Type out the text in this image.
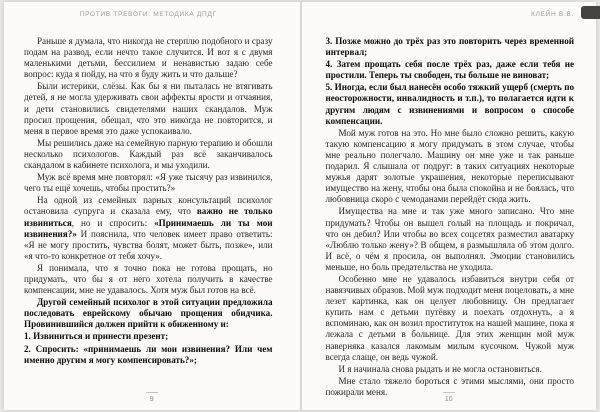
ПРОТИВ ТРЕВОГИ: МЕТОДИКА ДПДГ

Раньше я думала, что никогда не стерплю подобного и сразу подам на развод, если нечто такое случится. И вот я с двумя маленькими детьми, бессилием и ненавистью задаю себе вопрос: куда я пойду, на что я буду жить и что дальше?

Были истерики, слёзы. Как бы я ни пыталась не втягивать детей, я не могла удерживать свои аффекты ярости и отчаяния, и дети становились свидетелями наших скандалов. Муж просил прощения, обещал, что это никогда не повторится, и меня в первое время это даже успокаивало.

Мы решились даже на семейную парную терапию и обошли несколько психологов. Каждый раз всё заканчивалось скандалом в кабинете психолога, и мы уходили.

Муж всё время мне повторял: «Я уже тысячу раз извинился, чего ты ещё хочешь, чтобы простить?»

На одной из семейных парных консультаций психолог остановила супруга и сказала ему, что важно не только извиниться, но и спросить: «Принимаешь ли ты мои извинения?» И пояснила, что человек имеет право ответить: «Я не могу простить, чувства болят, может быть, позже», или «я что-то конкретное от тебя хочу».

Я понимала, что я точно пока не готова прощать, но придумать, что бы я от него хотела получить в качестве компенсации, мне не удавалось. Хотя муж был готов на всё.

Другой семейный психолог в этой ситуации предложила последовать еврейскому обычаю прощения обидчика. Провинившийся должен прийти к обиженному и:

1. Извиниться и принести презент;

2. Спросить: «принимаешь ли мои извинения? Или чем именно другим я могу компенсировать?»;

9
КЛЕЙН В.В.

3. Позже можно до трёх раз это повторить через временной интервал;

4. Затем прощать себя после трёх раз, даже если тебя не простили. Теперь ты свободен, ты больше не виноват;

5. Иногда, если был нанесён особо тяжкий ущерб (смерть по неосторожности, инвалидность и т.п.), то полагается идти к другим людям с извинениями и вопросом о способе компенсации.

Мой муж готов на это. Но мне было сложно решить, какую такую компенсацию я могу придумать в этом случае, чтобы мне реально полегчало. Машину он мне уже и так раньше подарил. Я слышала от подруг: в таких ситуациях некоторые мужья дарят золотые украшения, некоторые переписывают имущество на жену, чтобы она была спокойна и не боялась, что любовница скоро с чемоданами перейдёт сюда жить.

Имущества на мне и так уже много записано. Что мне придумать? Чтобы он вышел голый на площадь и покричал, что он дебил? Или чтобы во всех соцсетях разместил аватарку «Люблю только жену»? В общем, я размышляла об этом долго. И всё, о чём я просила, он выполнял. Эмоции становились меньше, но боль предательства не уходила.

Особенно мне не удавалось избавиться внутри себя от навязчивых образов. Мой муж подходит меня поцеловать, а мне лезет картинка, как он целует любовницу. Он предлагает купить нам с детьми путёвку и поехать отдохнуть, а я вспоминаю, как он возил проституток на нашей машине, пока я лежала с детьми в больнице. Для этих женщин мой муж наверняка казался лакомым милым кусочком. Чужой муж всегда слаще, он ведь чужой.

И я начинала снова рыдать и не могла остановиться.

Мне стало тяжело бороться с этими мыслями, они просто пожирали меня.

10
